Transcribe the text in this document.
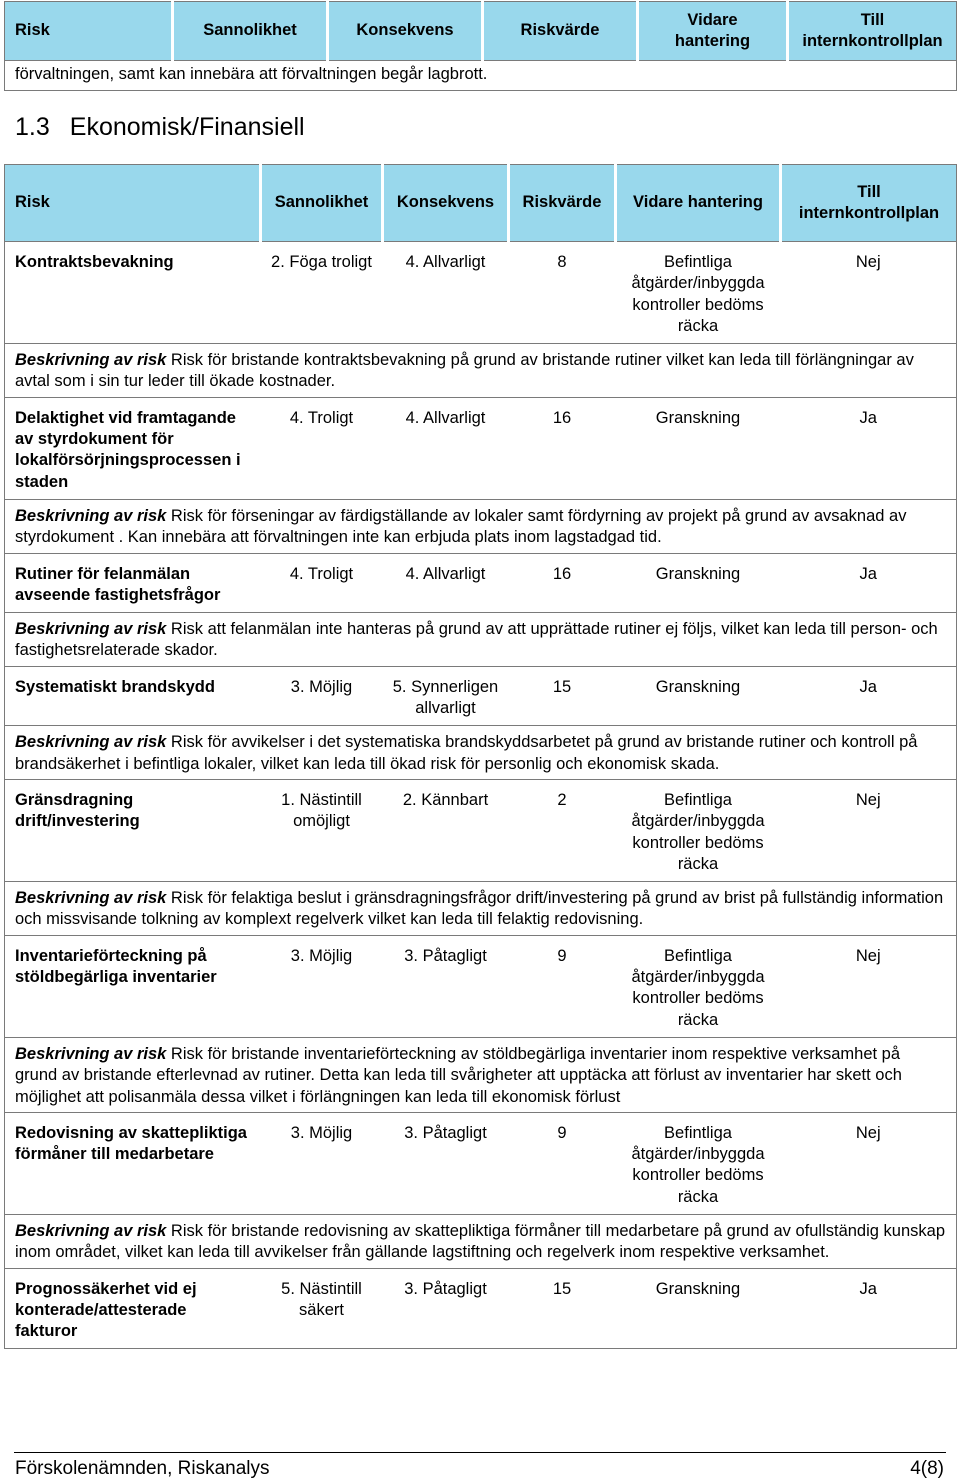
Risk	Sannolikhet	Konsekvens	Riskvärde	Vidare hantering	Till internkontrollplan
förvaltningen, samt kan innebära att förvaltningen begår lagbrott.
1.3 Ekonomisk/Finansiell
Risk	Sannolikhet	Konsekvens	Riskvärde	Vidare hantering	Till internkontrollplan
Kontraktsbevakning	2. Föga troligt	4. Allvarligt	8	Befintliga åtgärder/inbyggda kontroller bedöms räcka	Nej
Beskrivning av risk Risk för bristande kontraktsbevakning på grund av bristande rutiner vilket kan leda till förlängningar av avtal som i sin tur leder till ökade kostnader.					
Delaktighet vid framtagande av styrdokument för lokalförsörjningsprocessen i staden	4. Troligt	4. Allvarligt	16	Granskning	Ja
Beskrivning av risk Risk för förseningar av färdigställande av lokaler samt fördyrning av projekt på grund av avsaknad av styrdokument . Kan innebära att förvaltningen inte kan erbjuda plats inom lagstadgad tid.					
Rutiner för felanmälan avseende fastighetsfrågor	4. Troligt	4. Allvarligt	16	Granskning	Ja
Beskrivning av risk Risk att felanmälan inte hanteras på grund av att upprättade rutiner ej följs, vilket kan leda till person- och fastighetsrelaterade skador.					
Systematiskt brandskydd	3. Möjlig	5. Synnerligen allvarligt	15	Granskning	Ja
Beskrivning av risk Risk för avvikelser i det systematiska brandskyddsarbetet på grund av bristande rutiner och kontroll på brandsäkerhet i befintliga lokaler, vilket kan leda till ökad risk för personlig och ekonomisk skada.					
Gränsdragning drift/investering	1. Nästintill omöjligt	2. Kännbart	2	Befintliga åtgärder/inbyggda kontroller bedöms räcka	Nej
Beskrivning av risk Risk för felaktiga beslut i gränsdragningsfrågor drift/investering på grund av brist på fullständig information och missvisande tolkning av komplext regelverk vilket kan leda till felaktig redovisning.					
Inventarieförteckning på stöldbegärliga inventarier	3. Möjlig	3. Påtagligt	9	Befintliga åtgärder/inbyggda kontroller bedöms räcka	Nej
Beskrivning av risk Risk för bristande inventarieförteckning av stöldbegärliga inventarier inom respektive verksamhet på grund av bristande efterlevnad av rutiner. Detta kan leda till svårigheter att upptäcka att förlust av inventarier har skett och möjlighet att polisanmäla dessa vilket i förlängningen kan leda till ekonomisk förlust					
Redovisning av skattepliktiga förmåner till medarbetare	3. Möjlig	3. Påtagligt	9	Befintliga åtgärder/inbyggda kontroller bedöms räcka	Nej
Beskrivning av risk Risk för bristande redovisning av skattepliktiga förmåner till medarbetare på grund av ofullständig kunskap inom området, vilket kan leda till avvikelser från gällande lagstiftning och regelverk inom respektive verksamhet.					
Prognossäkerhet vid ej konterade/attesterade fakturor	5. Nästintill säkert	3. Påtagligt	15	Granskning	Ja
Förskolenämnden, Riskanalys	4(8)
